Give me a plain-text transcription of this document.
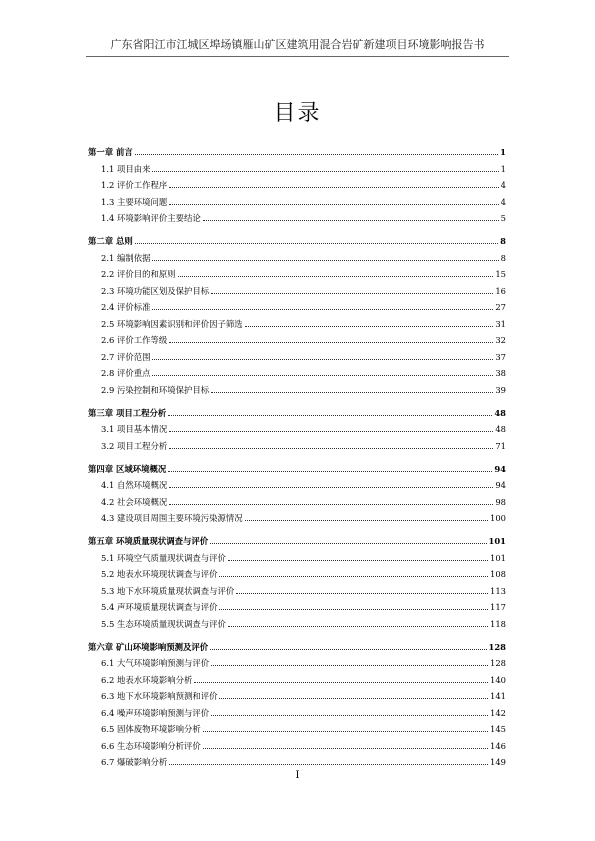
广东省阳江市江城区埠场镇雁山矿区建筑用混合岩矿新建项目环境影响报告书
目录
第一章 前言	1
1.1 项目由来	1
1.2 评价工作程序	4
1.3 主要环境问题	4
1.4 环境影响评价主要结论	5
第二章 总则	8
2.1 编制依据	8
2.2 评价目的和原则	15
2.3 环境功能区划及保护目标	16
2.4 评价标准	27
2.5 环境影响因素识别和评价因子筛选	31
2.6 评价工作等级	32
2.7 评价范围	37
2.8 评价重点	38
2.9 污染控制和环境保护目标	39
第三章 项目工程分析	48
3.1 项目基本情况	48
3.2 项目工程分析	71
第四章 区域环境概况	94
4.1 自然环境概况	94
4.2 社会环境概况	98
4.3 建设项目周围主要环境污染源情况	100
第五章 环境质量现状调查与评价	101
5.1 环境空气质量现状调查与评价	101
5.2 地表水环境现状调查与评价	108
5.3 地下水环境质量现状调查与评价	113
5.4 声环境质量现状调查与评价	117
5.5 生态环境质量现状调查与评价	118
第六章 矿山环境影响预测及评价	128
6.1 大气环境影响预测与评价	128
6.2 地表水环境影响分析	140
6.3 地下水环境影响预测和评价	141
6.4 噪声环境影响预测与评价	142
6.5 固体废物环境影响分析	145
6.6 生态环境影响分析评价	146
6.7 爆破影响分析	149
I
